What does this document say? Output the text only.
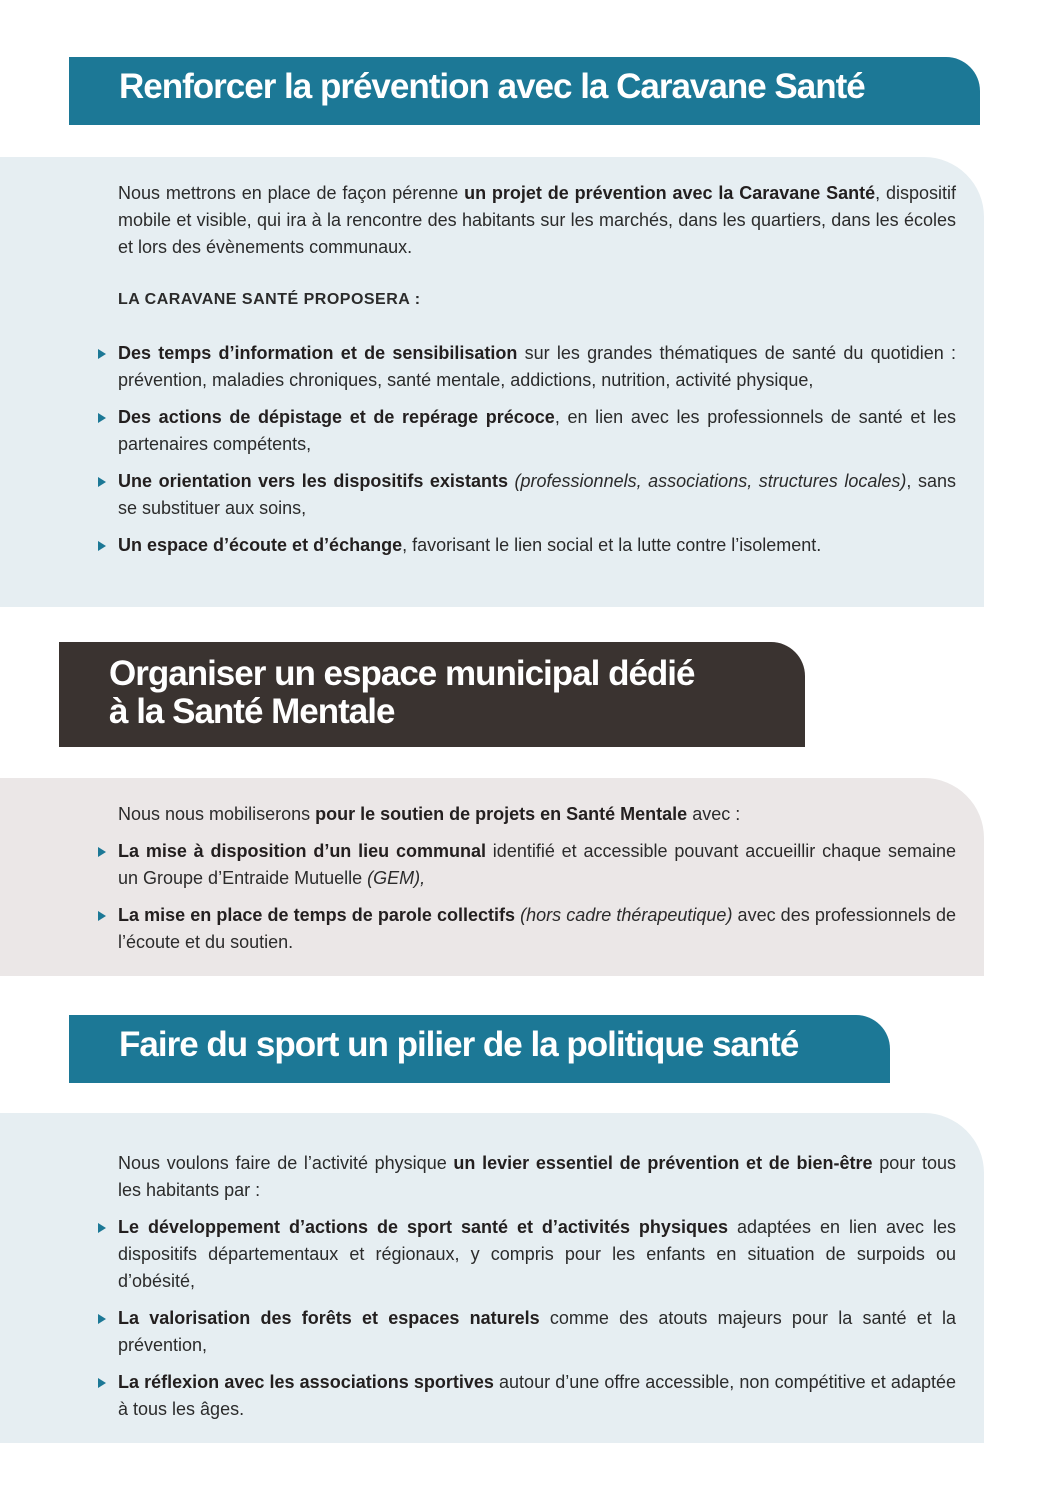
Renforcer la prévention avec la Caravane Santé

Nous mettrons en place de façon pérenne un projet de prévention avec la Caravane Santé, dispositif mobile et visible, qui ira à la rencontre des habitants sur les marchés, dans les quartiers, dans les écoles et lors des évènements communaux.

LA CARAVANE SANTÉ PROPOSERA :

Des temps d’information et de sensibilisation sur les grandes thématiques de santé du quotidien : prévention, maladies chroniques, santé mentale, addictions, nutrition, activité physique,
Des actions de dépistage et de repérage précoce, en lien avec les professionnels de santé et les partenaires compétents,
Une orientation vers les dispositifs existants (professionnels, associations, structures locales), sans se substituer aux soins,
Un espace d’écoute et d’échange, favorisant le lien social et la lutte contre l’isolement.
Organiser un espace municipal dédié
à la Santé Mentale

Nous nous mobiliserons pour le soutien de projets en Santé Mentale avec :

La mise à disposition d’un lieu communal identifié et accessible pouvant accueillir chaque semaine un Groupe d’Entraide Mutuelle (GEM),
La mise en place de temps de parole collectifs (hors cadre thérapeutique) avec des professionnels de l’écoute et du soutien.
Faire du sport un pilier de la politique santé

Nous voulons faire de l’activité physique un levier essentiel de prévention et de bien-être pour tous les habitants par :

Le développement d’actions de sport santé et d’activités physiques adaptées en lien avec les dispositifs départementaux et régionaux, y compris pour les enfants en situation de surpoids ou d’obésité,
La valorisation des forêts et espaces naturels comme des atouts majeurs pour la santé et la prévention,
La réflexion avec les associations sportives autour d’une offre accessible, non compétitive et adaptée à tous les âges.
